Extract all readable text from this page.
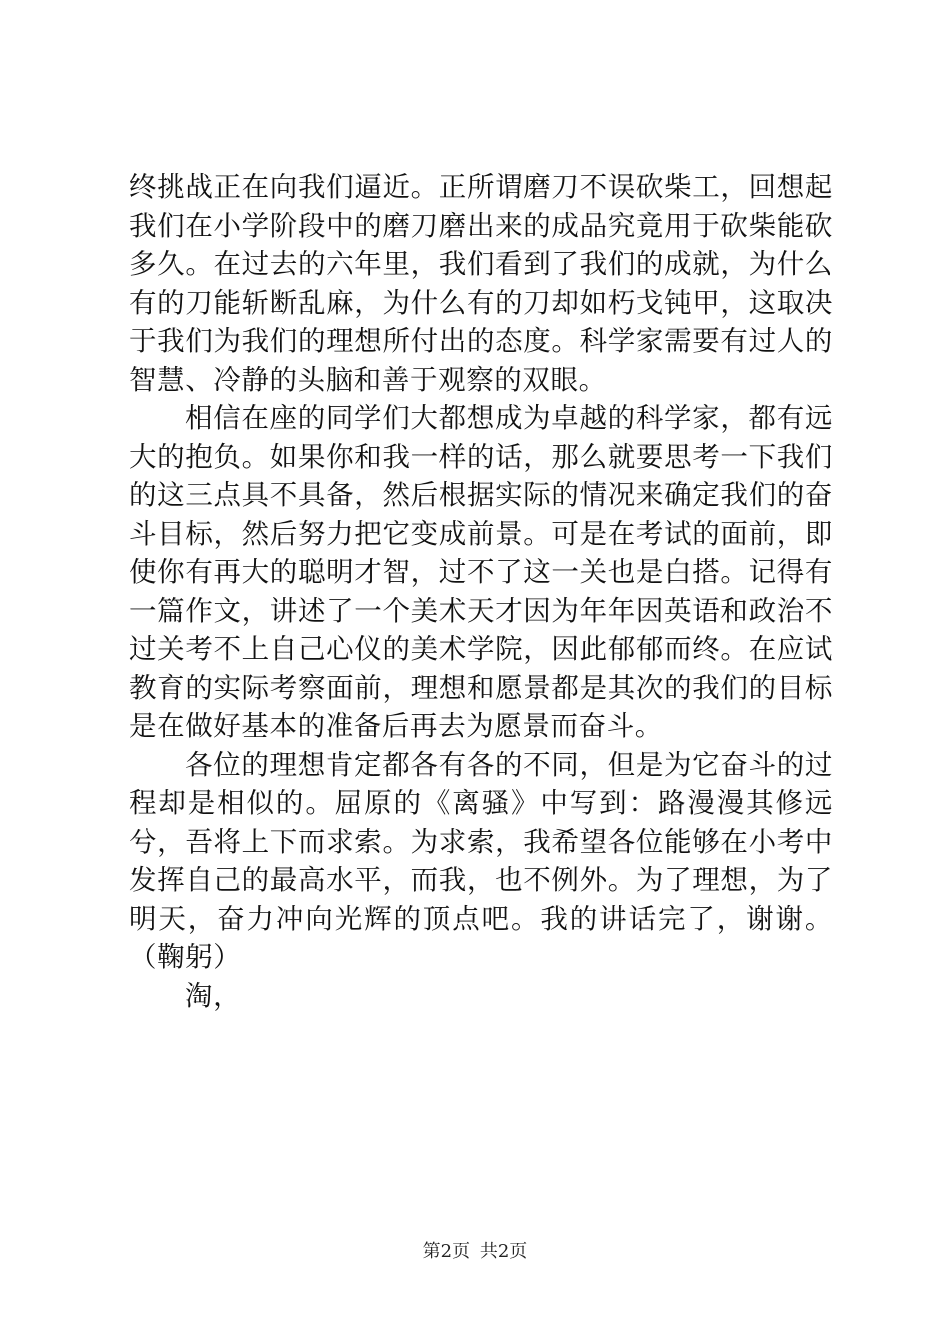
终挑战正在向我们逼近。正所谓磨刀不误砍柴工，回想起我们在小学阶段中的磨刀磨出来的成品究竟用于砍柴能砍多久。在过去的六年里，我们看到了我们的成就，为什么有的刀能斩断乱麻，为什么有的刀却如朽戈钝甲，这取决于我们为我们的理想所付出的态度。科学家需要有过人的智慧、冷静的头脑和善于观察的双眼。

相信在座的同学们大都想成为卓越的科学家，都有远大的抱负。如果你和我一样的话，那么就要思考一下我们的这三点具不具备，然后根据实际的情况来确定我们的奋斗目标，然后努力把它变成前景。可是在考试的面前，即使你有再大的聪明才智，过不了这一关也是白搭。记得有一篇作文，讲述了一个美术天才因为年年因英语和政治不过关考不上自己心仪的美术学院，因此郁郁而终。在应试教育的实际考察面前，理想和愿景都是其次的我们的目标是在做好基本的准备后再去为愿景而奋斗。

各位的理想肯定都各有各的不同，但是为它奋斗的过程却是相似的。屈原的《离骚》中写到：路漫漫其修远兮，吾将上下而求索。为求索，我希望各位能够在小考中发挥自己的最高水平，而我，也不例外。为了理想，为了明天，奋力冲向光辉的顶点吧。我的讲话完了，谢谢。（鞠躬）

淘，

第2页 共2页
